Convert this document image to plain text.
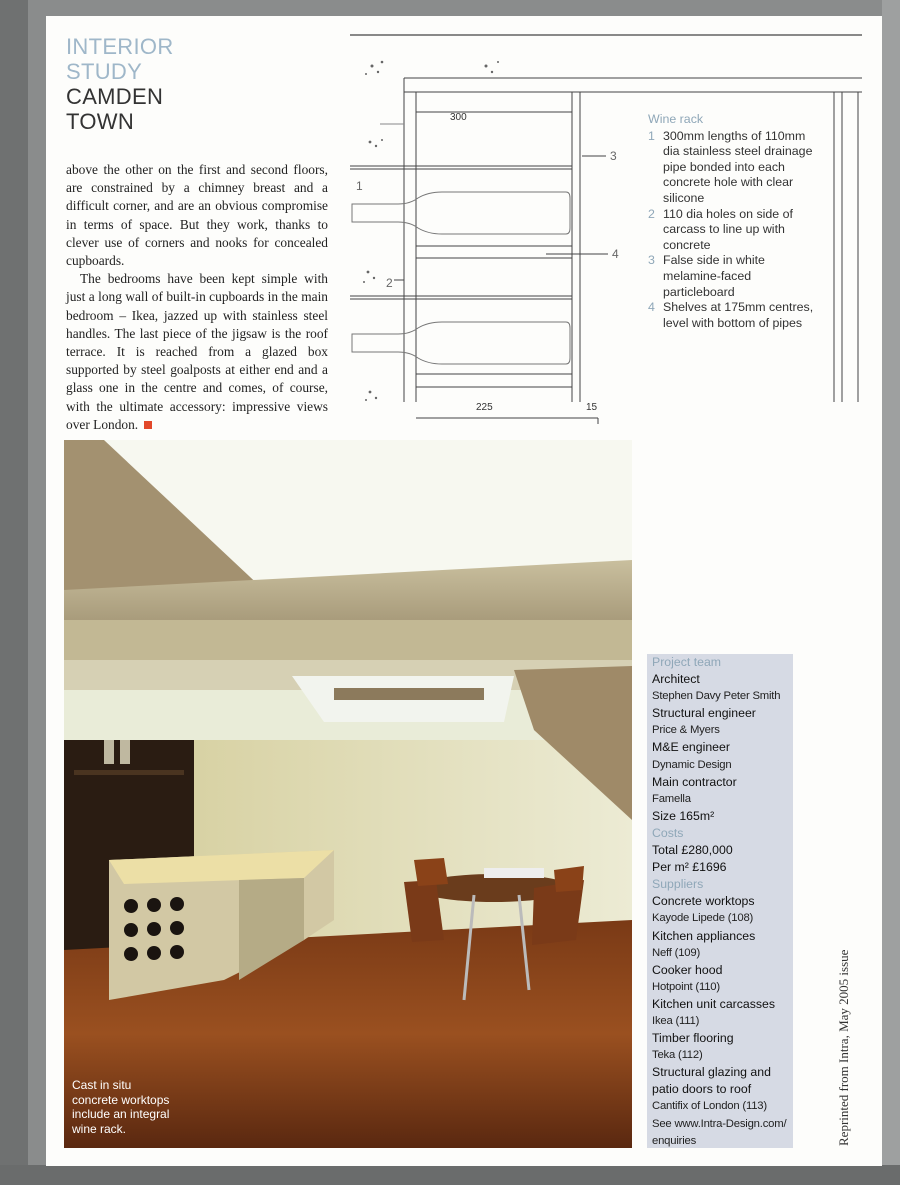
INTERIOR
STUDY
CAMDEN
TOWN

above the other on the first and second floors, are constrained by a chimney breast and a difficult corner, and are an obvious compromise in terms of space. But they work, thanks to clever use of corners and nooks for concealed cupboards.

The bedrooms have been kept simple with just a long wall of built-in cupboards in the main bedroom – Ikea, jazzed up with stainless steel handles. The last piece of the jigsaw is the roof terrace. It is reached from a glazed box supported by steel goalposts at either end and a glass one in the centre and comes, of course, with the ultimate accessory: impressive views over London.

300
225	15
1
2
3
4
Wine rack
1 300mm lengths of 110mm dia stainless steel drainage pipe bonded into each concrete hole with clear silicone
2 110 dia holes on side of carcass to line up with concrete
3 False side in white melamine-faced particleboard
4 Shelves at 175mm centres, level with bottom of pipes
Cast in situ
concrete worktops
include an integral
wine rack.
Project team
Architect
Stephen Davy Peter Smith
Structural engineer
Price & Myers
M&E engineer
Dynamic Design
Main contractor
Famella
Size 165m²
Costs
Total £280,000
Per m² £1696
Suppliers
Concrete worktops
Kayode Lipede (108)
Kitchen appliances
Neff (109)
Cooker hood
Hotpoint (110)
Kitchen unit carcasses
Ikea (111)
Timber flooring
Teka (112)
Structural glazing and
patio doors to roof
Cantifix of London (113)
See www.Intra-Design.com/
enquiries	Reprinted from Intra, May 2005 issue
